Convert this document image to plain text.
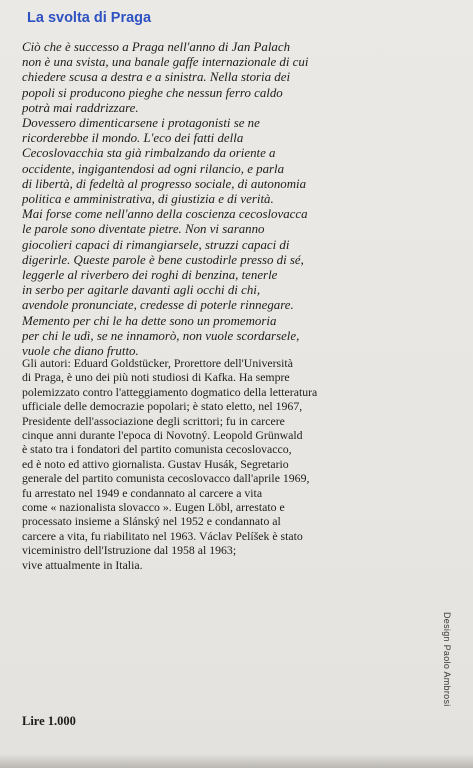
La svolta di Praga

Ciò che è successo a Praga nell'anno di Jan Palach

non è una svista, una banale gaffe internazionale di cui

chiedere scusa a destra e a sinistra. Nella storia dei

popoli si producono pieghe che nessun ferro caldo

potrà mai raddrizzare.

Dovessero dimenticarsene i protagonisti se ne

ricorderebbe il mondo. L'eco dei fatti della

Cecoslovacchia sta già rimbalzando da oriente a

occidente, ingigantendosi ad ogni rilancio, e parla

di libertà, di fedeltà al progresso sociale, di autonomia

politica e amministrativa, di giustizia e di verità.

Mai forse come nell'anno della coscienza cecoslovacca

le parole sono diventate pietre. Non vi saranno

giocolieri capaci di rimangiarsele, struzzi capaci di

digerirle. Queste parole è bene custodirle presso di sé,

leggerle al riverbero dei roghi di benzina, tenerle

in serbo per agitarle davanti agli occhi di chi,

avendole pronunciate, credesse di poterle rinnegare.

Memento per chi le ha dette sono un promemoria

per chi le udì, se ne innamorò, non vuole scordarsele,

vuole che diano frutto.

Gli autori: Eduard Goldstücker, Prorettore dell'Università

di Praga, è uno dei più noti studiosi di Kafka. Ha sempre

polemizzato contro l'atteggiamento dogmatico della letteratura

ufficiale delle democrazie popolari; è stato eletto, nel 1967,

Presidente dell'associazione degli scrittori; fu in carcere

cinque anni durante l'epoca di Novotný. Leopold Grünwald

è stato tra i fondatori del partito comunista cecoslovacco,

ed è noto ed attivo giornalista. Gustav Husák, Segretario

generale del partito comunista cecoslovacco dall'aprile 1969,

fu arrestato nel 1949 e condannato al carcere a vita

come « nazionalista slovacco ». Eugen Löbl, arrestato e

processato insieme a Slánský nel 1952 e condannato al

carcere a vita, fu riabilitato nel 1963. Václav Pelíšek è stato

viceministro dell'Istruzione dal 1958 al 1963;

vive attualmente in Italia.

Lire 1.000

Design Paolo Ambrosi
